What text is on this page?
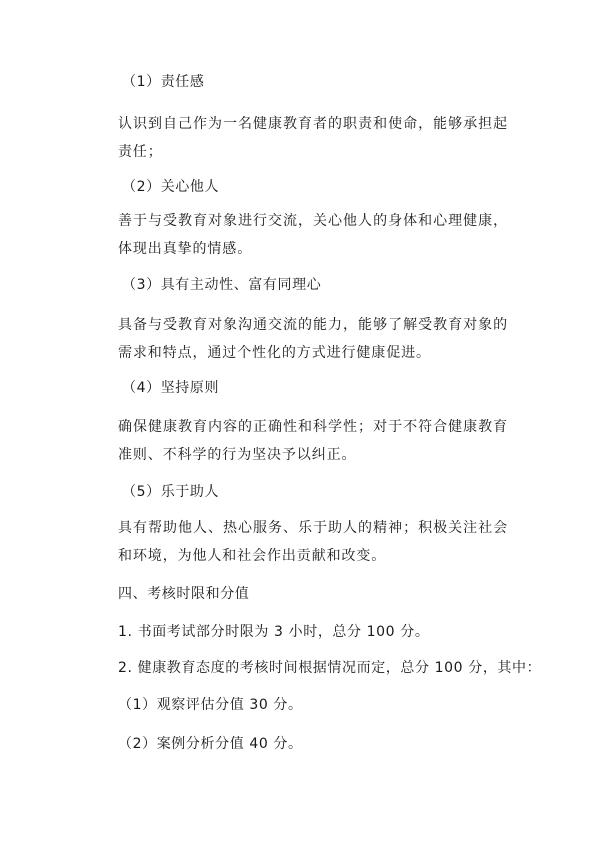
（1）责任感
认识到自己作为一名健康教育者的职责和使命，能够承担起责任；
（2）关心他人
善于与受教育对象进行交流，关心他人的身体和心理健康，体现出真挚的情感。
（3）具有主动性、富有同理心
具备与受教育对象沟通交流的能力，能够了解受教育对象的需求和特点，通过个性化的方式进行健康促进。
（4）坚持原则
确保健康教育内容的正确性和科学性；对于不符合健康教育准则、不科学的行为坚决予以纠正。
（5）乐于助人
具有帮助他人、热心服务、乐于助人的精神；积极关注社会和环境，为他人和社会作出贡献和改变。
四、考核时限和分值
1. 书面考试部分时限为 3 小时，总分 100 分。
2. 健康教育态度的考核时间根据情况而定，总分 100 分，其中：
（1）观察评估分值 30 分。
（2）案例分析分值 40 分。
